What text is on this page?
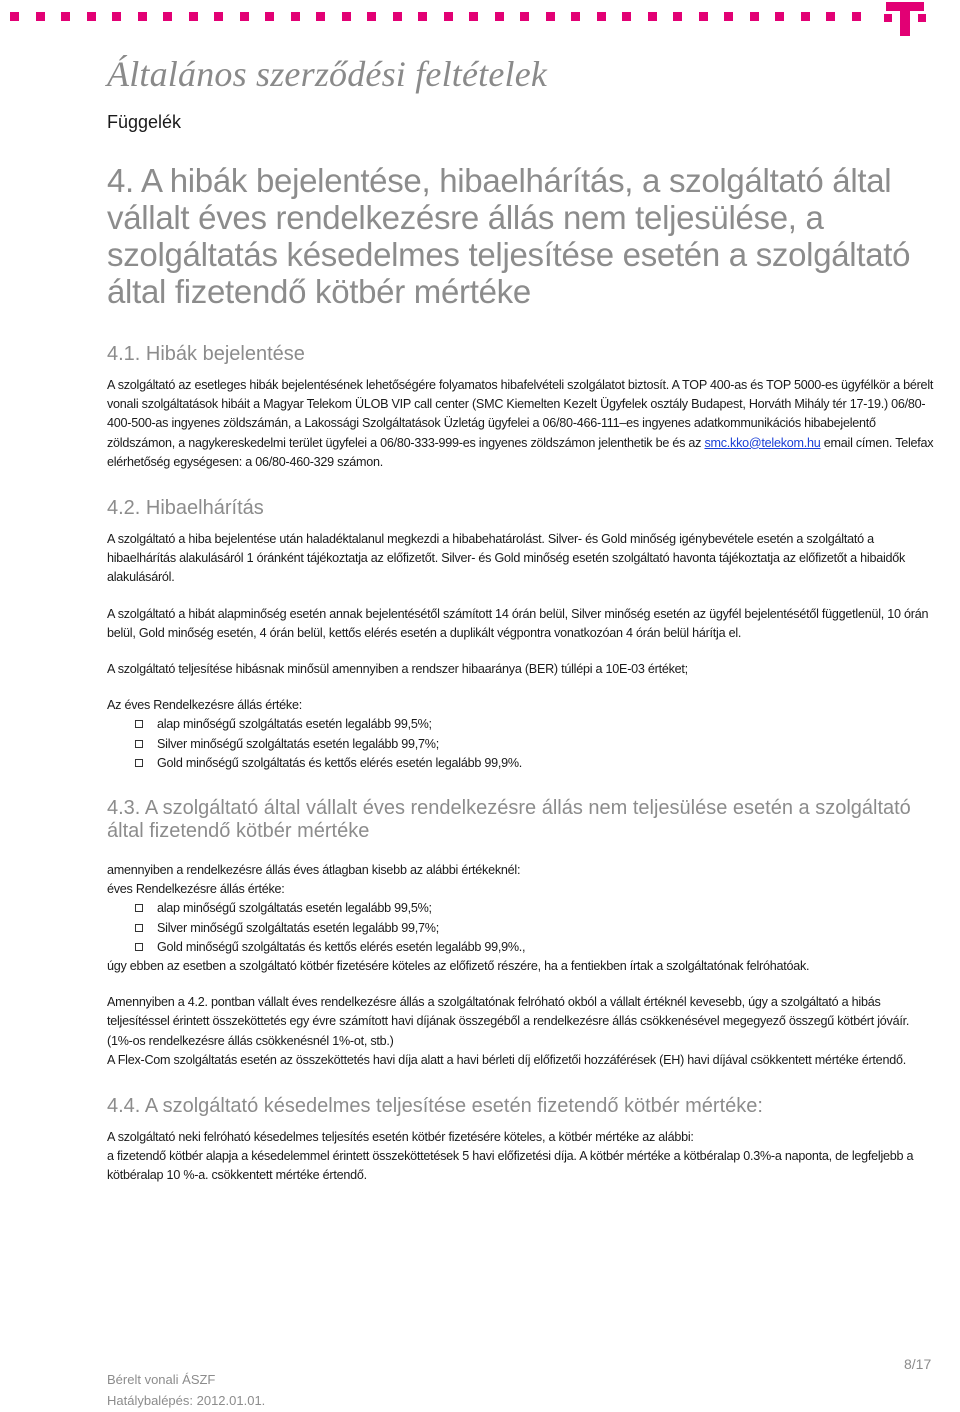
Általános szerződési feltételek
Függelék
4. A hibák bejelentése, hibaelhárítás, a szolgáltató által vállalt éves rendelkezésre állás nem teljesülése, a szolgáltatás késedelmes teljesítése esetén a szolgáltató által fizetendő kötbér mértéke
4.1. Hibák bejelentése

A szolgáltató az esetleges hibák bejelentésének lehetőségére folyamatos hibafelvételi szolgálatot biztosít. A TOP 400-as és TOP 5000-es ügyfélkör a bérelt vonali szolgáltatások hibáit a Magyar Telekom ÜLOB VIP call center (SMC Kiemelten Kezelt Ügyfelek osztály Budapest, Horváth Mihály tér 17-19.) 06/80-400-500-as ingyenes zöldszámán, a Lakossági Szolgáltatások Üzletág ügyfelei a 06/80-466-111–es ingyenes adatkommunikációs hibabejelentő zöldszámon, a nagykereskedelmi terület ügyfelei a 06/80-333-999-es ingyenes zöldszámon jelenthetik be és az smc.kko@telekom.hu email címen. Telefax elérhetőség egységesen: a 06/80-460-329 számon.

4.2. Hibaelhárítás

A szolgáltató a hiba bejelentése után haladéktalanul megkezdi a hibabehatárolást. Silver- és Gold minőség igénybevétele esetén a szolgáltató a hibaelhárítás alakulásáról 1 óránként tájékoztatja az előfizetőt. Silver- és Gold minőség esetén szolgáltató havonta tájékoztatja az előfizetőt a hibaidők alakulásáról.

A szolgáltató a hibát alapminőség esetén annak bejelentésétől számított 14 órán belül, Silver minőség esetén az ügyfél bejelentésétől függetlenül, 10 órán belül, Gold minőség esetén, 4 órán belül, kettős elérés esetén a duplikált végpontra vonatkozóan 4 órán belül hárítja el.

A szolgáltató teljesítése hibásnak minősül amennyiben a rendszer hibaaránya (BER) túllépi a 10E-03 értéket;

Az éves Rendelkezésre állás értéke:

alap minőségű szolgáltatás esetén legalább 99,5%;
Silver minőségű szolgáltatás esetén legalább 99,7%;
Gold minőségű szolgáltatás és kettős elérés esetén legalább 99,9%.
4.3. A szolgáltató által vállalt éves rendelkezésre állás nem teljesülése esetén a szolgáltató által fizetendő kötbér mértéke

amennyiben a rendelkezésre állás éves átlagban kisebb az alábbi értékeknél:

éves Rendelkezésre állás értéke:

alap minőségű szolgáltatás esetén legalább 99,5%;
Silver minőségű szolgáltatás esetén legalább 99,7%;
Gold minőségű szolgáltatás és kettős elérés esetén legalább 99,9%.,

úgy ebben az esetben a szolgáltató kötbér fizetésére köteles az előfizető részére, ha a fentiekben írtak a szolgáltatónak felróhatóak.

Amennyiben a 4.2. pontban vállalt éves rendelkezésre állás a szolgáltatónak felróható okból a vállalt értéknél kevesebb, úgy a szolgáltató a hibás teljesítéssel érintett összeköttetés egy évre számított havi díjának összegéből a rendelkezésre állás csökkenésével megegyező összegű kötbért jóváír. (1%-os rendelkezésre állás csökkenésnél 1%-ot, stb.)

A Flex-Com szolgáltatás esetén az összeköttetés havi díja alatt a havi bérleti díj előfizetői hozzáférések (EH) havi díjával csökkentett mértéke értendő.

4.4. A szolgáltató késedelmes teljesítése esetén fizetendő kötbér mértéke:

A szolgáltató neki felróható késedelmes teljesítés esetén kötbér fizetésére köteles, a kötbér mértéke az alábbi:

a fizetendő kötbér alapja a késedelemmel érintett összeköttetések 5 havi előfizetési díja. A kötbér mértéke a kötbéralap 0.3%-a naponta, de legfeljebb a kötbéralap 10 %-a. csökkentett mértéke értendő.

Bérelt vonali ÁSZF
Hatálybalépés: 2012.01.01.
8/17
